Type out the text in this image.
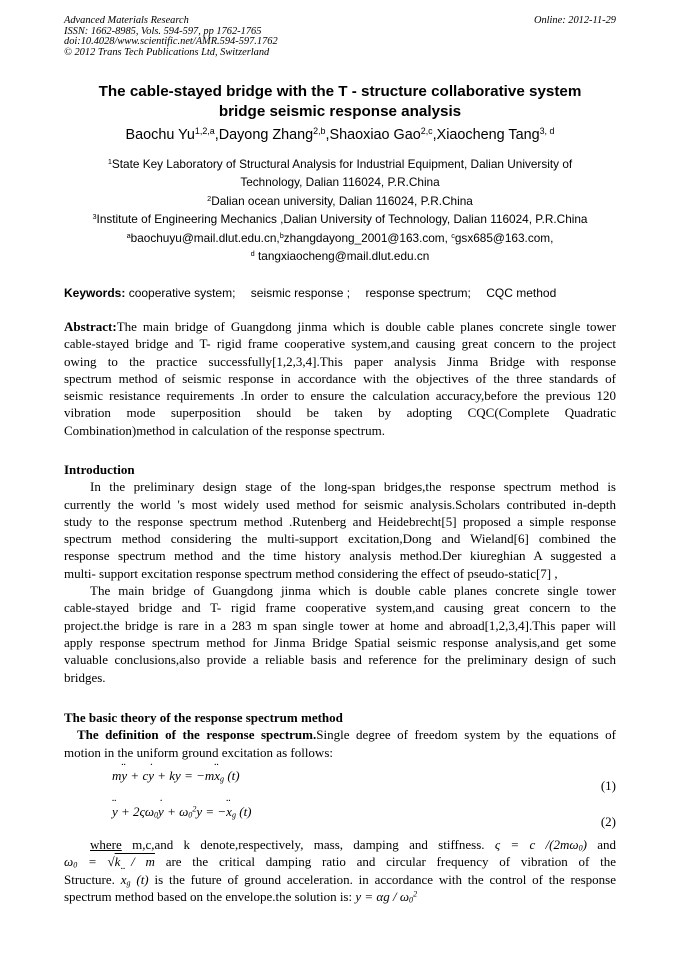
Advanced Materials Research
ISSN: 1662-8985, Vols. 594-597, pp 1762-1765
doi:10.4028/www.scientific.net/AMR.594-597.1762
© 2012 Trans Tech Publications Ltd, Switzerland
Online: 2012-11-29
The cable-stayed bridge with the T - structure collaborative system
bridge seismic response analysis
Baochu Yu$^{1,2,a}$,Dayong Zhang$^{2,b}$,Shaoxiao Gao$^{2,c}$,Xiaocheng Tang$^{3, d}$
$^1$State Key Laboratory of Structural Analysis for Industrial Equipment, Dalian University of
Technology, Dalian 116024, P.R.China
$^2$Dalian ocean university, Dalian 116024, P.R.China
$^3$Institute of Engineering Mechanics ,Dalian University of Technology, Dalian 116024, P.R.China
$^a$baochuyu@mail.dlut.edu.cn,$^b$zhangdayong_2001@163.com, $^c$gsx685@163.com,
$^d$ tangxiaocheng@mail.dlut.edu.cn
Keywords: cooperative system; seismic response ; response spectrum; CQC method
Abstract:The main bridge of Guangdong jinma which is double cable planes concrete single tower
cable-stayed bridge and T- rigid frame cooperative system,and causing great concern to the project
owing to the practice successfully[1,2,3,4].This paper analysis Jinma Bridge with response
spectrum method of seismic response in accordance with the objectives of the three standards of
seismic resistance requirements .In order to ensure the calculation accuracy,before the previous 120
vibration mode superposition should be taken by adopting CQC(Complete Quadratic
Combination)method in calculation of the response spectrum.
Introduction
In the preliminary design stage of the long-span bridges,the response spectrum method is
currently the world 's most widely used method for seismic analysis.Scholars contributed in-depth
study to the response spectrum method .Rutenberg and Heidebrecht[5] proposed a simple response
spectrum method considering the multi-support excitation,Dong and Wieland[6] combined the
response spectrum method and the time history analysis method.Der kiureghian A suggested a
multi- support excitation response spectrum method considering the effect of pseudo-static[7] ,
The main bridge of Guangdong jinma which is double cable planes concrete single tower
cable-stayed bridge and T- rigid frame cooperative system,and causing great concern to the
project.the bridge is rare in a 283 m span single tower at home and abroad[1,2,3,4].This paper will
apply response spectrum method for Jinma Bridge Spatial seismic response analysis,and get some
valuable conclusions,also provide a reliable basis and reference for the preliminary design of such
bridges.
The basic theory of the response spectrum method
The definition of the response spectrum.Single degree of freedom system by the equations of
motion in the uniform ground excitation as follows:
m¨ y + c˙ y + ky = −m¨ $x_g$ (t)
(1)
¨ $y + 2\varsigma\omega_0˙$ $y + \omega_0^2y$ = −¨ $x_g$ (t)
(2)
where m,c,and k denote,respectively, mass, damping and stiffness. ς = c $/(2m\omega_0)$ and
$\omega_0 = √k / m$ are the critical damping ratio and circular frequency of vibration of the
Structure. ¨ $x_g$ (t) is the future of ground acceleration. in accordance with the control of the response
spectrum method based on the envelope.the solution is: $y = \alpha g / \omega_0^2$
